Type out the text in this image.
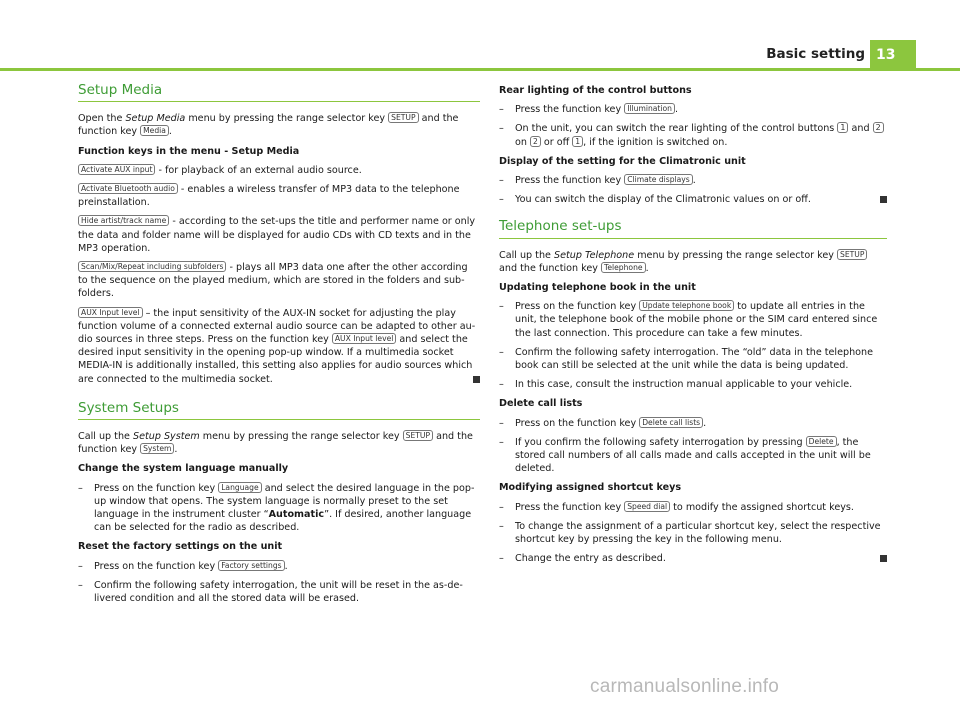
Basic setting 13
Setup Media

Open the Setup Media menu by pressing the range selector key SETUP and the function key Media .

Function keys in the menu - Setup Media

Activate AUX input - for playback of an external audio source.

Activate Bluetooth audio - enables a wireless transfer of MP3 data to the telephone preinstallation.

Hide artist/track name - according to the set-ups the title and performer name or only the data and folder name will be displayed for audio CDs with CD texts and in the MP3 operation.

Scan/Mix/Repeat including subfolders - plays all MP3 data one after the other according to the sequence on the played medium, which are stored in the folders and sub-folders.

AUX Input level – the input sensitivity of the AUX-IN socket for adjusting the play function volume of a connected external audio source can be adapted to other au-dio sources in three steps. Press on the function key AUX Input level and select the desired input sensitivity in the opening pop-up window. If a multimedia socket MEDIA-IN is additionally installed, this setting also applies for audio sources which are connected to the multimedia socket.

System Setups

Call up the Setup System menu by pressing the range selector key SETUP and the function key System .

Change the system language manually

–	Press on the function key Language and select the desired language in the pop-up window that opens. The system language is normally preset to the set language in the instrument cluster “Automatic”. If desired, another language can be selected for the radio as described.

Reset the factory settings on the unit

–	Press on the function key Factory settings .
–	Confirm the following safety interrogation, the unit will be reset in the as-de-livered condition and all the stored data will be erased.

Rear lighting of the control buttons

–	Press the function key Illumination .
–	On the unit, you can switch the rear lighting of the control buttons 1 and 2
on 2 or off 1 , if the ignition is switched on.

Display of the setting for the Climatronic unit

–	Press the function key Climate displays .
–	You can switch the display of the Climatronic values on or off.
Telephone set-ups

Call up the Setup Telephone menu by pressing the range selector key SETUP and the function key Telephone .

Updating telephone book in the unit

–	Press on the function key Update telephone book to update all entries in the unit, the telephone book of the mobile phone or the SIM card entered since the last connection. This procedure can take a few minutes.
–	Confirm the following safety interrogation. The “old” data in the telephone book can still be selected at the unit while the data is being updated.
–	In this case, consult the instruction manual applicable to your vehicle.

Delete call lists

–	Press on the function key Delete call lists .
–	If you confirm the following safety interrogation by pressing Delete , the stored call numbers of all calls made and calls accepted in the unit will be deleted.

Modifying assigned shortcut keys

–	Press the function key Speed dial to modify the assigned shortcut keys.
–	To change the assignment of a particular shortcut key, select the respective shortcut key by pressing the key in the following menu.
–	Change the entry as described.
carmanualsonline.info
